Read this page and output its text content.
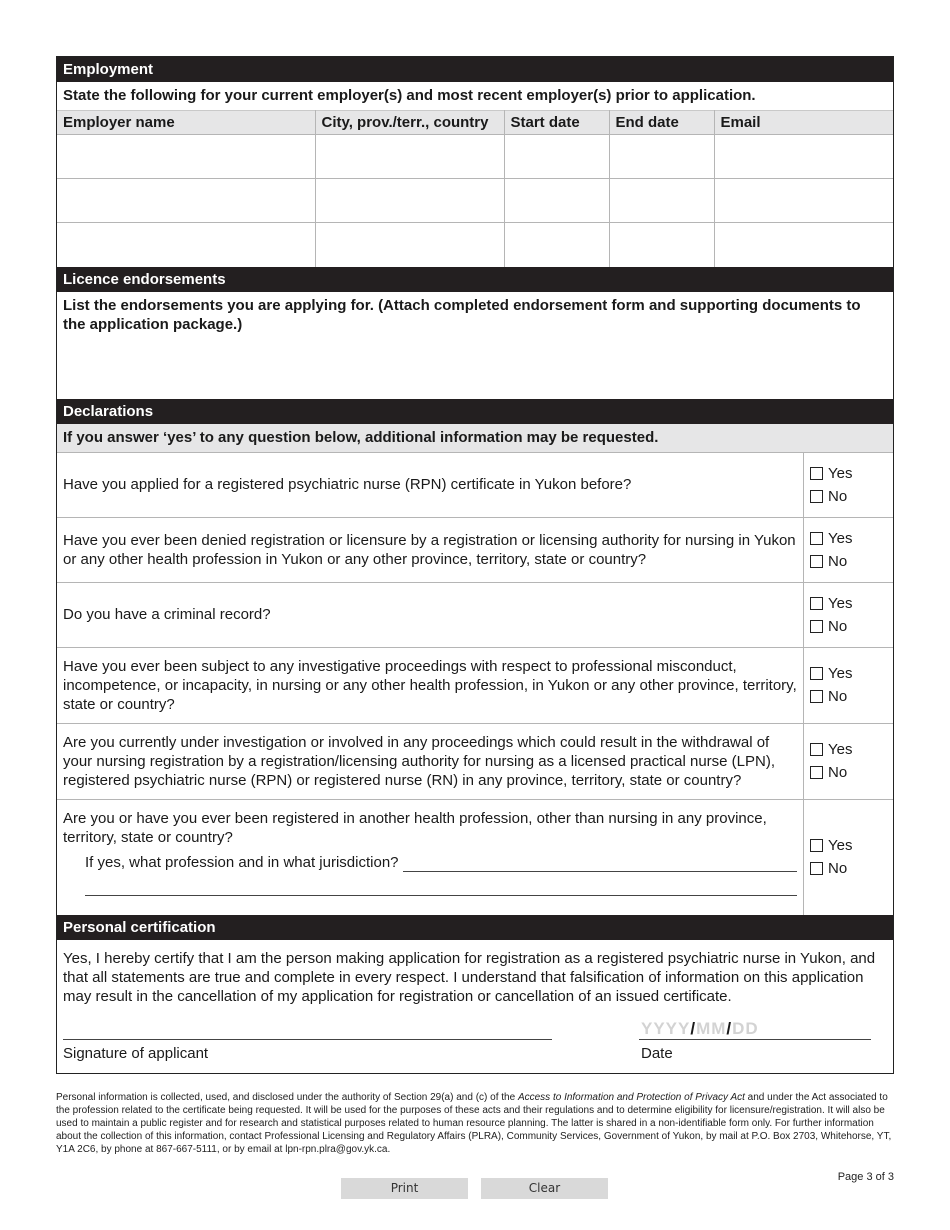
Employment
State the following for your current employer(s) and most recent employer(s) prior to application.
Employer name	City, prov./terr., country	Start date	End date	Email

Licence endorsements
List the endorsements you are applying for. (Attach completed endorsement form and supporting documents to the application package.)
Declarations
If you answer ‘yes’ to any question below, additional information may be requested.
Have you applied for a registered psychiatric nurse (RPN) certificate in Yukon before?
Yes
No
Have you ever been denied registration or licensure by a registration or licensing authority for nursing in Yukon or any other health profession in Yukon or any other province, territory, state or country?
Yes
No
Do you have a criminal record?
Yes
No
Have you ever been subject to any investigative proceedings with respect to professional misconduct, incompetence, or incapacity, in nursing or any other health profession, in Yukon or any other province, territory, state or country?
Yes
No
Are you currently under investigation or involved in any proceedings which could result in the withdrawal of your nursing registration by a registration/licensing authority for nursing as a licensed practical nurse (LPN), registered psychiatric nurse (RPN) or registered nurse (RN) in any province, territory, state or country?
Yes
No
Are you or have you ever been registered in another health profession, other than nursing in any province, territory, state or country?
If yes, what profession and in what jurisdiction?
Yes
No
Personal certification
Yes, I hereby certify that I am the person making application for registration as a registered psychiatric nurse in Yukon, and that all statements are true and complete in every respect. I understand that falsification of information on this application may result in the cancellation of my application for registration or cancellation of an issued certificate.
Signature of applicant
YYYY/MM/DD
Date
Personal information is collected, used, and disclosed under the authority of Section 29(a) and (c) of the Access to Information and Protection of Privacy Act and under the Act associated to the profession related to the certificate being requested. It will be used for the purposes of these acts and their regulations and to determine eligibility for licensure/registration. It will also be used to maintain a public register and for research and statistical purposes related to human resource planning. The latter is shared in a non-identifiable form only. For further information about the collection of this information, contact Professional Licensing and Regulatory Affairs (PLRA), Community Services, Government of Yukon, by mail at P.O. Box 2703, Whitehorse, YT, Y1A 2C6, by phone at 867-667-5111, or by email at lpn-rpn.plra@gov.yk.ca.
Page 3 of 3
Print	Clear
